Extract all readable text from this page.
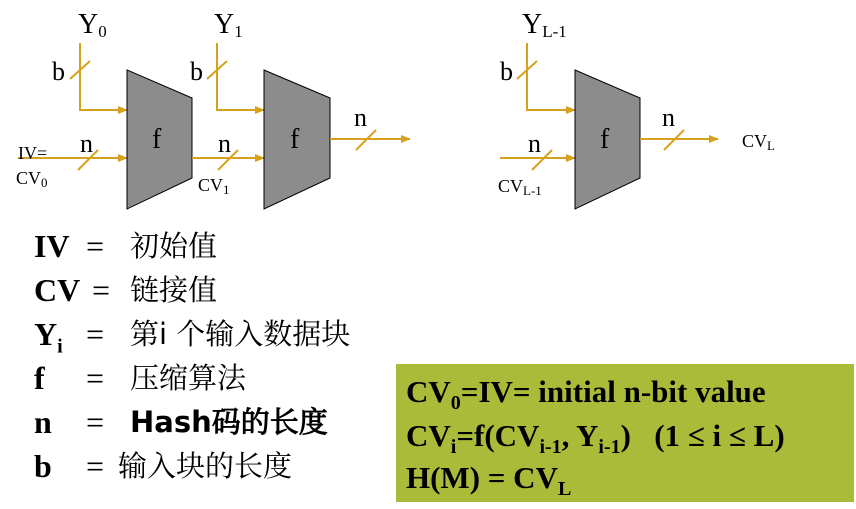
Y0
b
n
IV=
CV0
f n
CV1
Y1
b
f
n
YL-1
b
n
CVL-1
f
n
CVL
IV = 初始值
CV = 链接值
$Y_i$ = 第i 个输入数据块
f = 压缩算法
n = Hash码的长度
b = 输入块的长度
$CV_0=IV=$ initial n-bit value
$CV_i=f(CV_{i-1}$, $Y_{i-1}$)   (1 ≤ i ≤ L)
$H(M) = CV_L$
